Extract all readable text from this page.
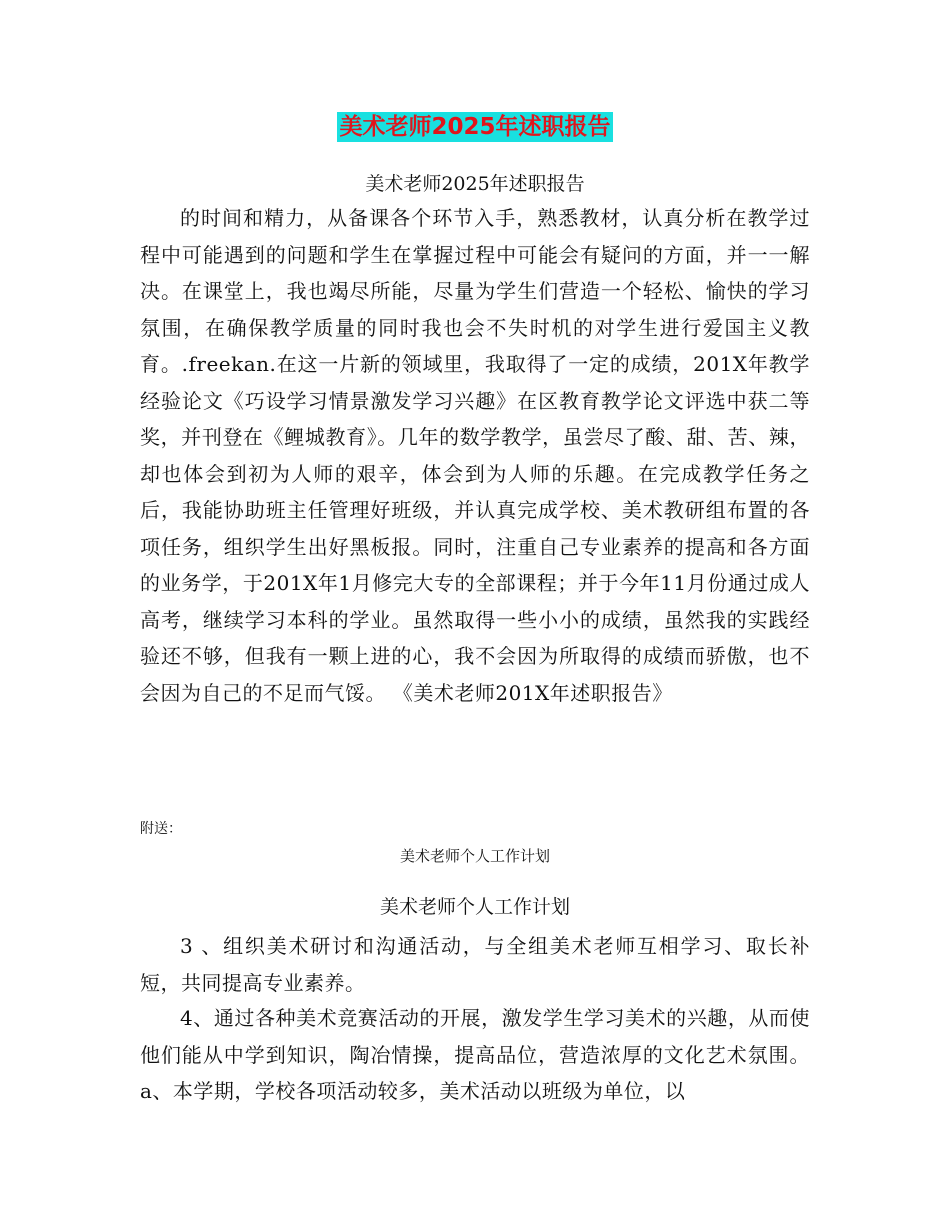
美术老师2025年述职报告
美术老师2025年述职报告

的时间和精力，从备课各个环节入手，熟悉教材，认真分析在教学过程中可能遇到的问题和学生在掌握过程中可能会有疑问的方面，并一一解决。在课堂上，我也竭尽所能，尽量为学生们营造一个轻松、愉快的学习氛围，在确保教学质量的同时我也会不失时机的对学生进行爱国主义教育。.freekan.在这一片新的领域里，我取得了一定的成绩，201X年教学经验论文《巧设学习情景激发学习兴趣》在区教育教学论文评选中获二等奖，并刊登在《鲤城教育》。几年的数学教学，虽尝尽了酸、甜、苦、辣，却也体会到初为人师的艰辛，体会到为人师的乐趣。在完成教学任务之后，我能协助班主任管理好班级，并认真完成学校、美术教研组布置的各项任务，组织学生出好黑板报。同时，注重自己专业素养的提高和各方面的业务学，于201X年1月修完大专的全部课程；并于今年11月份通过成人高考，继续学习本科的学业。虽然取得一些小小的成绩，虽然我的实践经验还不够，但我有一颗上进的心，我不会因为所取得的成绩而骄傲，也不会因为自己的不足而气馁。 《美术老师201X年述职报告》

附送：
美术老师个人工作计划
美术老师个人工作计划

3 、组织美术研讨和沟通活动，与全组美术老师互相学习、取长补短，共同提高专业素养。

4、通过各种美术竞赛活动的开展，激发学生学习美术的兴趣，从而使他们能从中学到知识，陶冶情操，提高品位，营造浓厚的文化艺术氛围。a、本学期，学校各项活动较多，美术活动以班级为单位，以
